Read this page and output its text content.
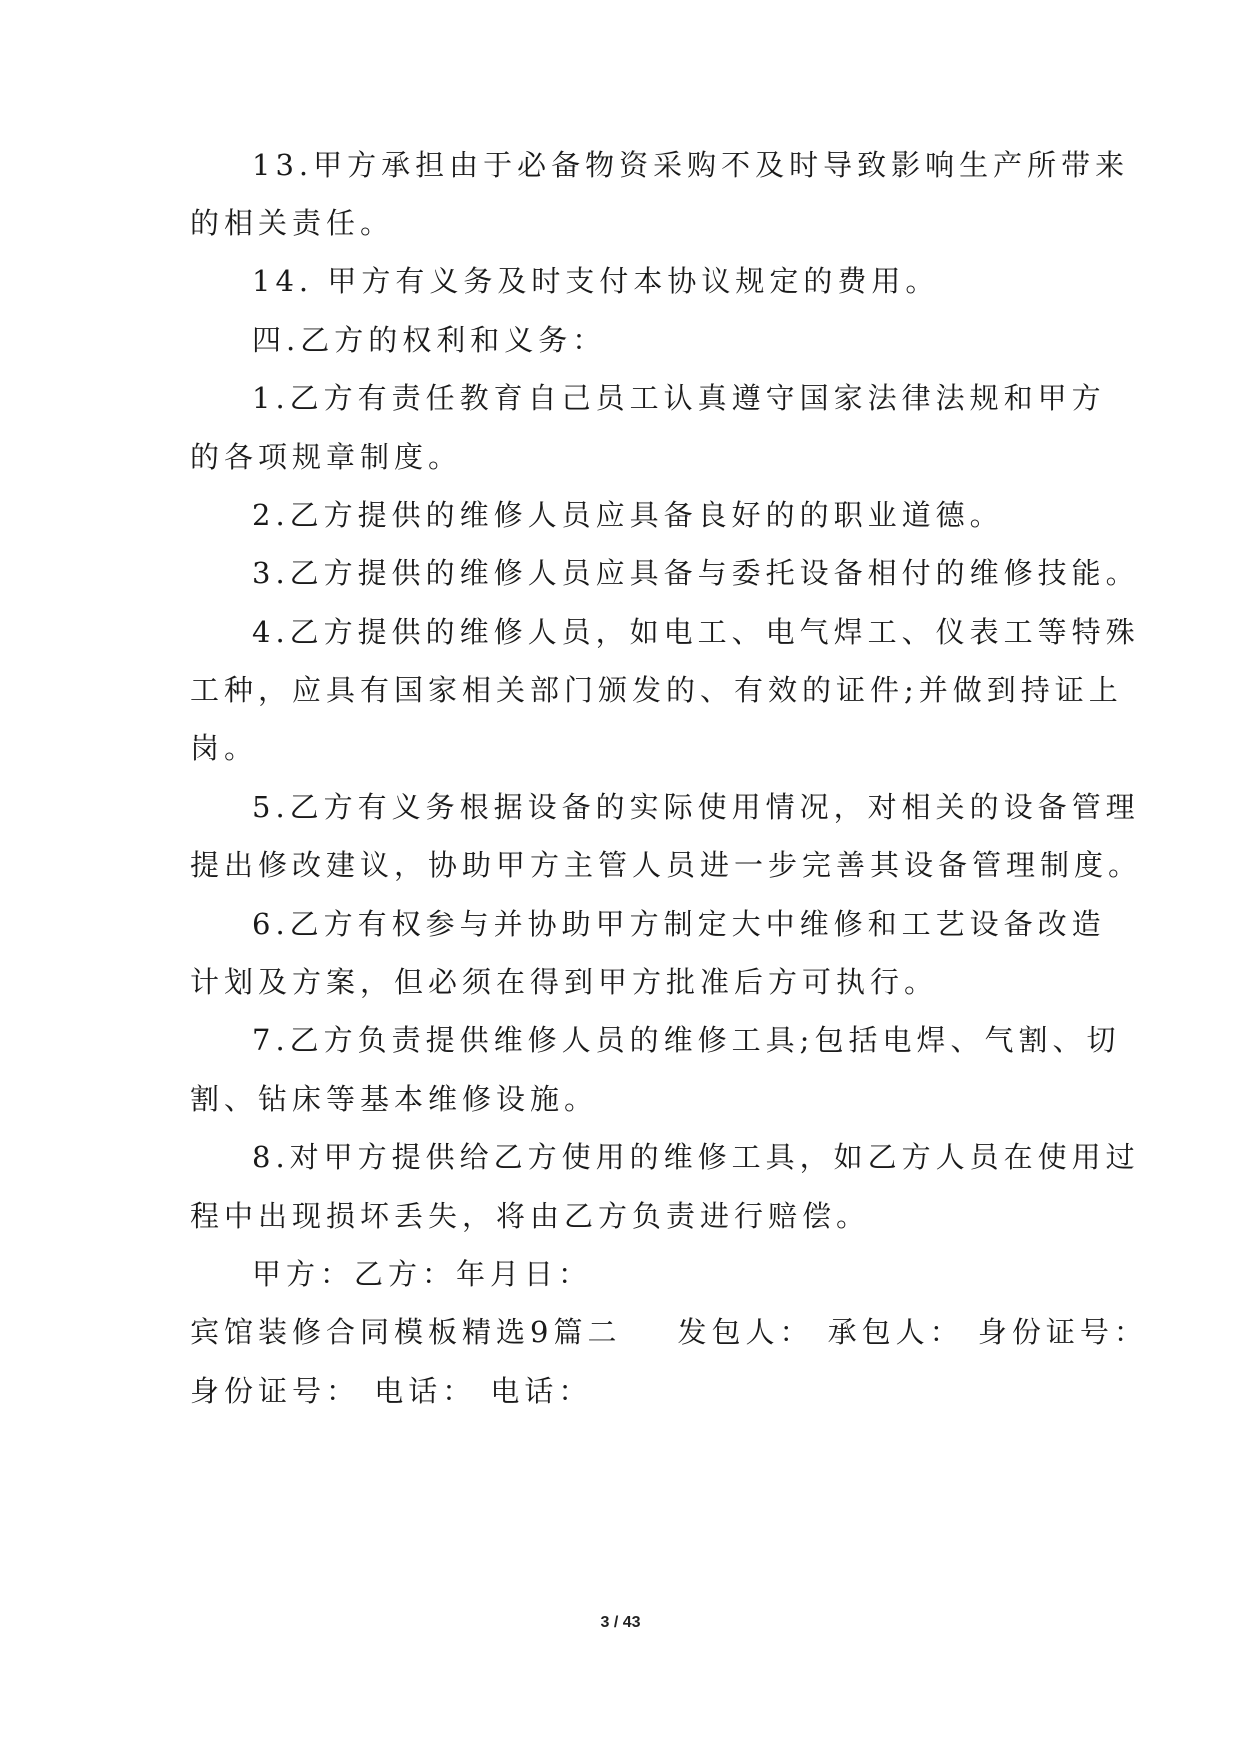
13.甲方承担由于必备物资采购不及时导致影响生产所带来
的相关责任。
14. 甲方有义务及时支付本协议规定的费用。
四.乙方的权利和义务：
1.乙方有责任教育自己员工认真遵守国家法律法规和甲方
的各项规章制度。
2.乙方提供的维修人员应具备良好的的职业道德。
3.乙方提供的维修人员应具备与委托设备相付的维修技能。
4.乙方提供的维修人员，如电工、电气焊工、仪表工等特殊
工种，应具有国家相关部门颁发的、有效的证件;并做到持证上
岗。
5.乙方有义务根据设备的实际使用情况，对相关的设备管理
提出修改建议，协助甲方主管人员进一步完善其设备管理制度。
6.乙方有权参与并协助甲方制定大中维修和工艺设备改造
计划及方案，但必须在得到甲方批准后方可执行。
7.乙方负责提供维修人员的维修工具;包括电焊、气割、切
割、钻床等基本维修设施。
8.对甲方提供给乙方使用的维修工具，如乙方人员在使用过
程中出现损坏丢失，将由乙方负责进行赔偿。
甲方：乙方：年月日：
宾馆装修合同模板精选9篇二 发包人： 承包人： 身份证号：
身份证号： 电话： 电话：
3 / 43
